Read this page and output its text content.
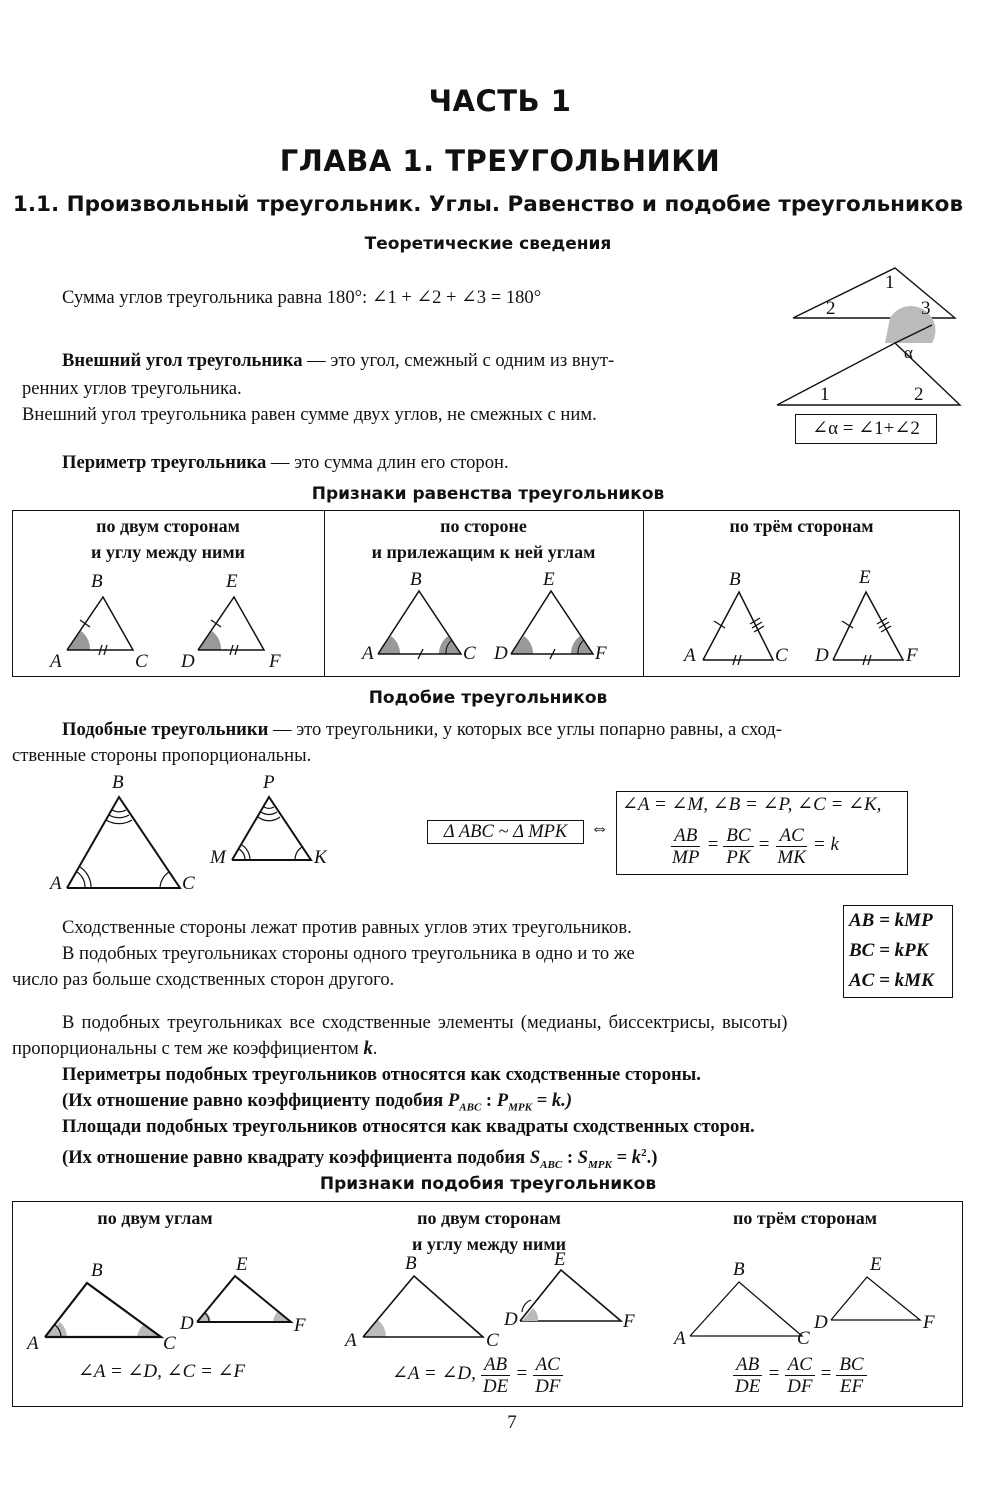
ЧАСТЬ 1
ГЛАВА 1. ТРЕУГОЛЬНИКИ
1.1. Произвольный треугольник. Углы. Равенство и подобие треугольников
Теоретические сведения
Сумма углов треугольника равна 180°: ∠1 + ∠2 + ∠3 = 180°
Внешний угол треугольника — это угол, смежный с одним из внут-
ренних углов треугольника.
Внешний угол треугольника равен сумме двух углов, не смежных с ним.
Периметр треугольника — это сумма длин его сторон.
1
2	3
α
1	2
∠α = ∠1+∠2
Признаки равенства треугольников
по двум сторонам
и углу между ними
по стороне
и прилежащим к ней углам
по трём сторонам
B
A	C
E
D	F
B
A	C
E
D	F
B
A	C
E
D	F
Подобие треугольников
Подобные треугольники — это треугольники, у которых все углы попарно равны, а сход-
ственные стороны пропорциональны.
B
A	C
P
M	K
Δ ABC ~ Δ MPK	⇔
∠A = ∠M, ∠B = ∠P, ∠C = ∠K,
$\frac{AB}{MP} = \frac{BC}{PK} = \frac{AC}{MK} = k$
Сходственные стороны лежат против равных углов этих треугольников.
В подобных треугольниках стороны одного треугольника в одно и то же
число раз больше сходственных сторон другого.
AB = kMP
BC = kPK
AC = kMK
В подобных треугольниках все сходственные элементы (медианы, биссектрисы, высоты)
пропорциональны с тем же коэффициентом k.
Периметры подобных треугольников относятся как сходственные стороны.
(Их отношение равно коэффициенту подобия $P_{ABC}$ : $P_{MPK} = k$.)
Площади подобных треугольников относятся как квадраты сходственных сторон.
(Их отношение равно квадрату коэффициента подобия $S_{ABC}$ : $S_{MPK} = k^2$.)
Признаки подобия треугольников
по двум углам	по двум сторонам
и углу между ними
по трём сторонам
B
A	C
E
D	F
B
A	C
E
D	F
B
A	C
E
D	F
∠A = ∠D, ∠C = ∠F	∠A = ∠D, $\frac{AB}{DE} = \frac{AC}{DF}$	$\frac{AB}{DE} = \frac{AC}{DF} = \frac{BC}{EF}$
7
